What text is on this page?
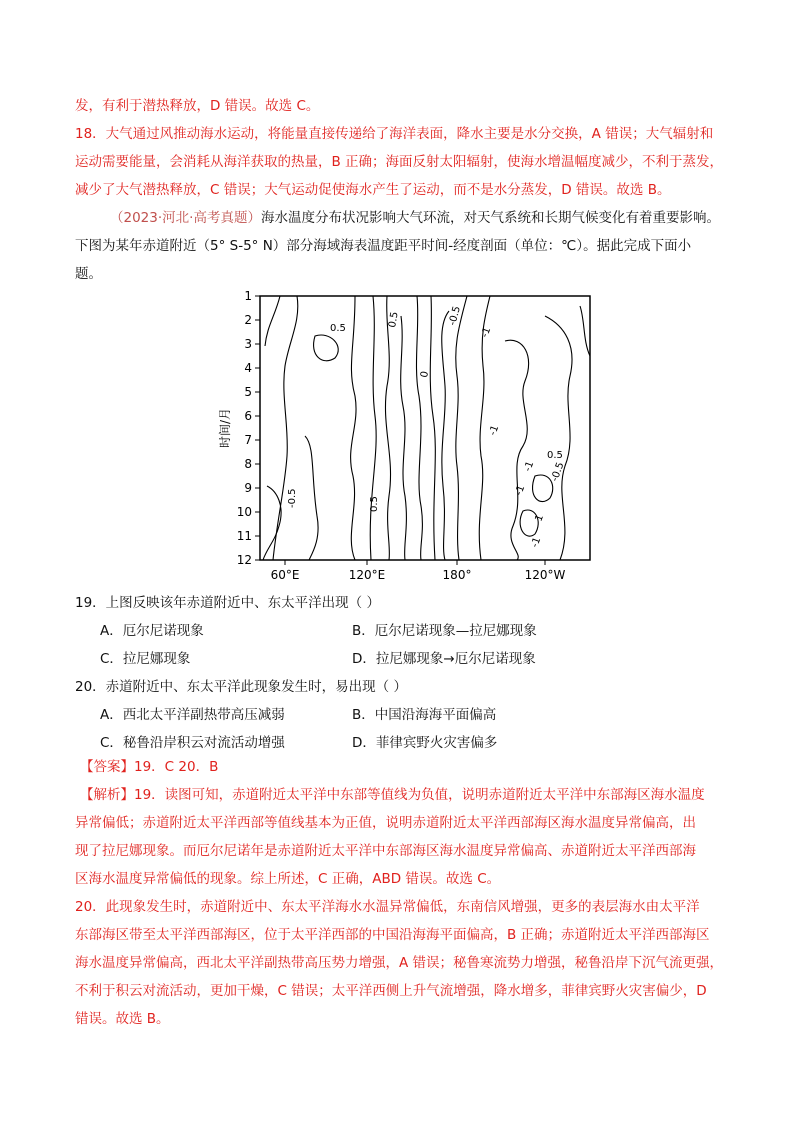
发，有利于潜热释放，D 错误。故选 C。
18．大气通过风推动海水运动，将能量直接传递给了海洋表面，降水主要是水分交换，A 错误；大气辐射和
运动需要能量，会消耗从海洋获取的热量，B 正确；海面反射太阳辐射，使海水增温幅度减少，不利于蒸发，
减少了大气潜热释放，C 错误；大气运动促使海水产生了运动，而不是水分蒸发，D 错误。故选 B。
（2023·河北·高考真题）海水温度分布状况影响大气环流，对天气系统和长期气候变化有着重要影响。
下图为某年赤道附近（5° S-5° N）部分海域海表温度距平时间-经度剖面（单位：℃）。据此完成下面小
题。
1
2
3
4
5
6
7
8
9
10
11
12
60°E	120°E	180°	120°W
时间/月
0.5	0.5	-0.5
-1
0
-1
-1
0.5
-0.5
-1
-1
0.5
-0.5
1
19．上图反映该年赤道附近中、东太平洋出现（ ）
A．厄尔尼诺现象	B．厄尔尼诺现象—拉尼娜现象
C．拉尼娜现象	D．拉尼娜现象→厄尔尼诺现象
20．赤道附近中、东太平洋此现象发生时，易出现（ ）
A．西北太平洋副热带高压减弱	B．中国沿海海平面偏高
C．秘鲁沿岸积云对流活动增强	D．菲律宾野火灾害偏多
【答案】19．C 20．B
【解析】19．读图可知，赤道附近太平洋中东部等值线为负值，说明赤道附近太平洋中东部海区海水温度
异常偏低；赤道附近太平洋西部等值线基本为正值，说明赤道附近太平洋西部海区海水温度异常偏高，出
现了拉尼娜现象。而厄尔尼诺年是赤道附近太平洋中东部海区海水温度异常偏高、赤道附近太平洋西部海
区海水温度异常偏低的现象。综上所述，C 正确，ABD 错误。故选 C。
20．此现象发生时，赤道附近中、东太平洋海水水温异常偏低，东南信风增强，更多的表层海水由太平洋
东部海区带至太平洋西部海区，位于太平洋西部的中国沿海海平面偏高，B 正确；赤道附近太平洋西部海区
海水温度异常偏高，西北太平洋副热带高压势力增强，A 错误；秘鲁寒流势力增强，秘鲁沿岸下沉气流更强，
不利于积云对流活动，更加干燥，C 错误；太平洋西侧上升气流增强，降水增多，菲律宾野火灾害偏少，D
错误。故选 B。
